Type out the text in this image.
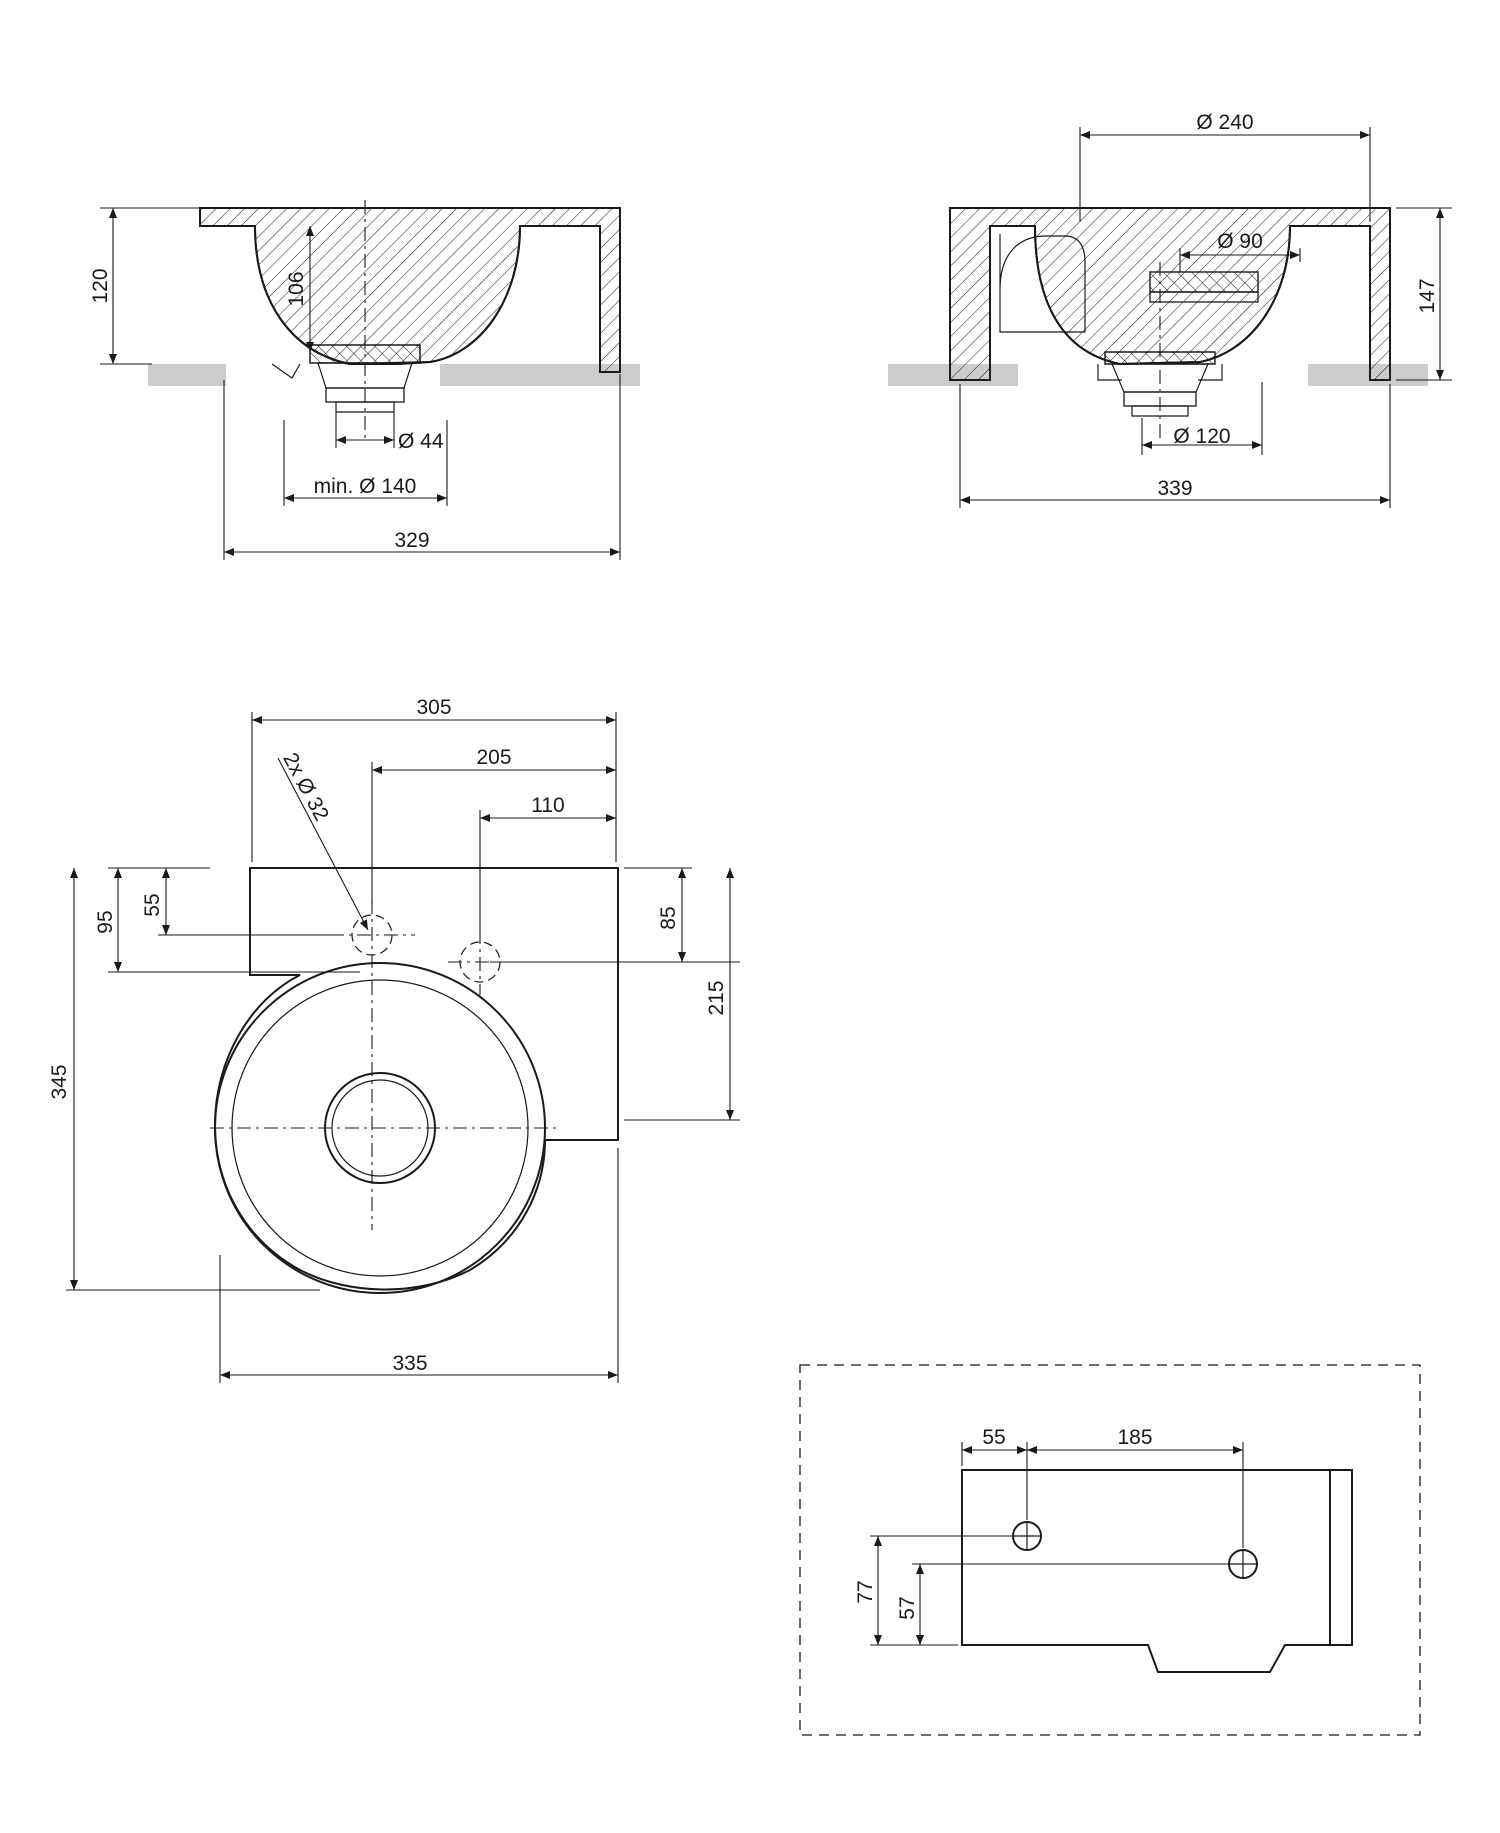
120	106
Ø 44
min. Ø 140
329
Ø 240
Ø 90
147
Ø 120
339
305
205
110
2x Ø 32
95
55
85
215
345
335
55	185
77
57
